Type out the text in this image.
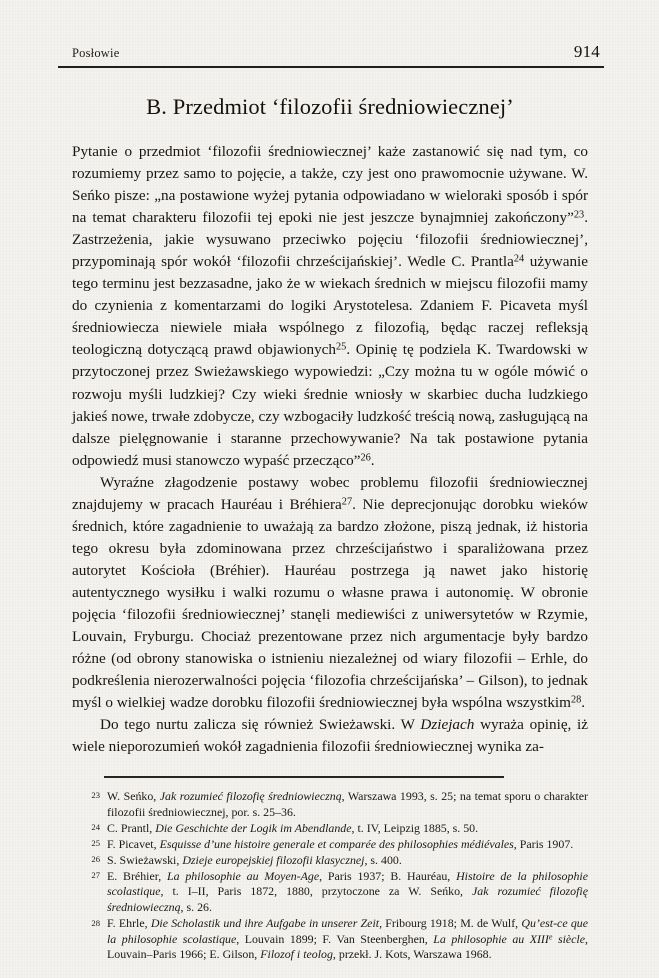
Posłowie	914
B. Przedmiot ‘filozofii średniowiecznej’

Pytanie o przedmiot ‘filozofii średniowiecznej’ każe zastanowić się nad tym, co rozumiemy przez samo to pojęcie, a także, czy jest ono prawomocnie używane. W. Seńko pisze: „na postawione wyżej pytania odpowiadano w wieloraki sposób i spór na temat charakteru filozofii tej epoki nie jest jeszcze bynajmniej zakończony”$^{23}$. Zastrzeżenia, jakie wysuwano przeciwko pojęciu ‘filozofii średniowiecznej’, przypominają spór wokół ‘filozofii chrześcijańskiej’. Wedle C. Prantla$^{24}$ używanie tego terminu jest bezzasadne, jako że w wiekach średnich w miejscu filozofii mamy do czynienia z komentarzami do logiki Arystotelesa. Zdaniem F. Picaveta myśl średniowiecza niewiele miała wspólnego z filozofią, będąc raczej refleksją teologiczną dotyczącą prawd objawionych$^{25}$. Opinię tę podziela K. Twardowski w przytoczonej przez Swieżawskiego wypowiedzi: „Czy można tu w ogóle mówić o rozwoju myśli ludzkiej? Czy wieki średnie wniosły w skarbiec ducha ludzkiego jakieś nowe, trwałe zdobycze, czy wzbogaciły ludzkość treścią nową, zasługującą na dalsze pielęgnowanie i staranne przechowywanie? Na tak postawione pytania odpowiedź musi stanowczo wypaść przecząco”$^{26}$.

Wyraźne złagodzenie postawy wobec problemu filozofii średniowiecznej znajdujemy w pracach Hauréau i Bréhiera$^{27}$. Nie deprecjonując dorobku wieków średnich, które zagadnienie to uważają za bardzo złożone, piszą jednak, iż historia tego okresu była zdominowana przez chrześcijaństwo i sparaliżowana przez autorytet Kościoła (Bréhier). Hauréau postrzega ją nawet jako historię autentycznego wysiłku i walki rozumu o własne prawa i autonomię. W obronie pojęcia ‘filozofii średniowiecznej’ stanęli mediewiści z uniwersytetów w Rzymie, Louvain, Fryburgu. Chociaż prezentowane przez nich argumentacje były bardzo różne (od obrony stanowiska o istnieniu niezależnej od wiary filozofii – Erhle, do podkreślenia nierozerwalności pojęcia ‘filozofia chrześcijańska’ – Gilson), to jednak myśl o wielkiej wadze dorobku filozofii średniowiecznej była wspólna wszystkim$^{28}$.

Do tego nurtu zalicza się również Swieżawski. W Dziejach wyraża opinię, iż wiele nieporozumień wokół zagadnienia filozofii średniowiecznej wynika za-

23 W. Seńko, Jak rozumieć filozofię średniowieczną, Warszawa 1993, s. 25; na temat sporu o charakter filozofii średniowiecznej, por. s. 25–36.
24 C. Prantl, Die Geschichte der Logik im Abendlande, t. IV, Leipzig 1885, s. 50.
25 F. Picavet, Esquisse d’une histoire generale et comparée des philosophies médiévales, Paris 1907.
26 S. Swieżawski, Dzieje europejskiej filozofii klasycznej, s. 400.
27 E. Bréhier, La philosophie au Moyen-Age, Paris 1937; B. Hauréau, Histoire de la philosophie scolastique, t. I–II, Paris 1872, 1880, przytoczone za W. Seńko, Jak rozumieć filozofię średniowieczną, s. 26.
28 F. Ehrle, Die Scholastik und ihre Aufgabe in unserer Zeit, Fribourg 1918; M. de Wulf, Qu’est-ce que la philosophie scolastique, Louvain 1899; F. Van Steenberghen, La philosophie au XIIIe siècle, Louvain–Paris 1966; E. Gilson, Filozof i teolog, przekł. J. Kots, Warszawa 1968.
